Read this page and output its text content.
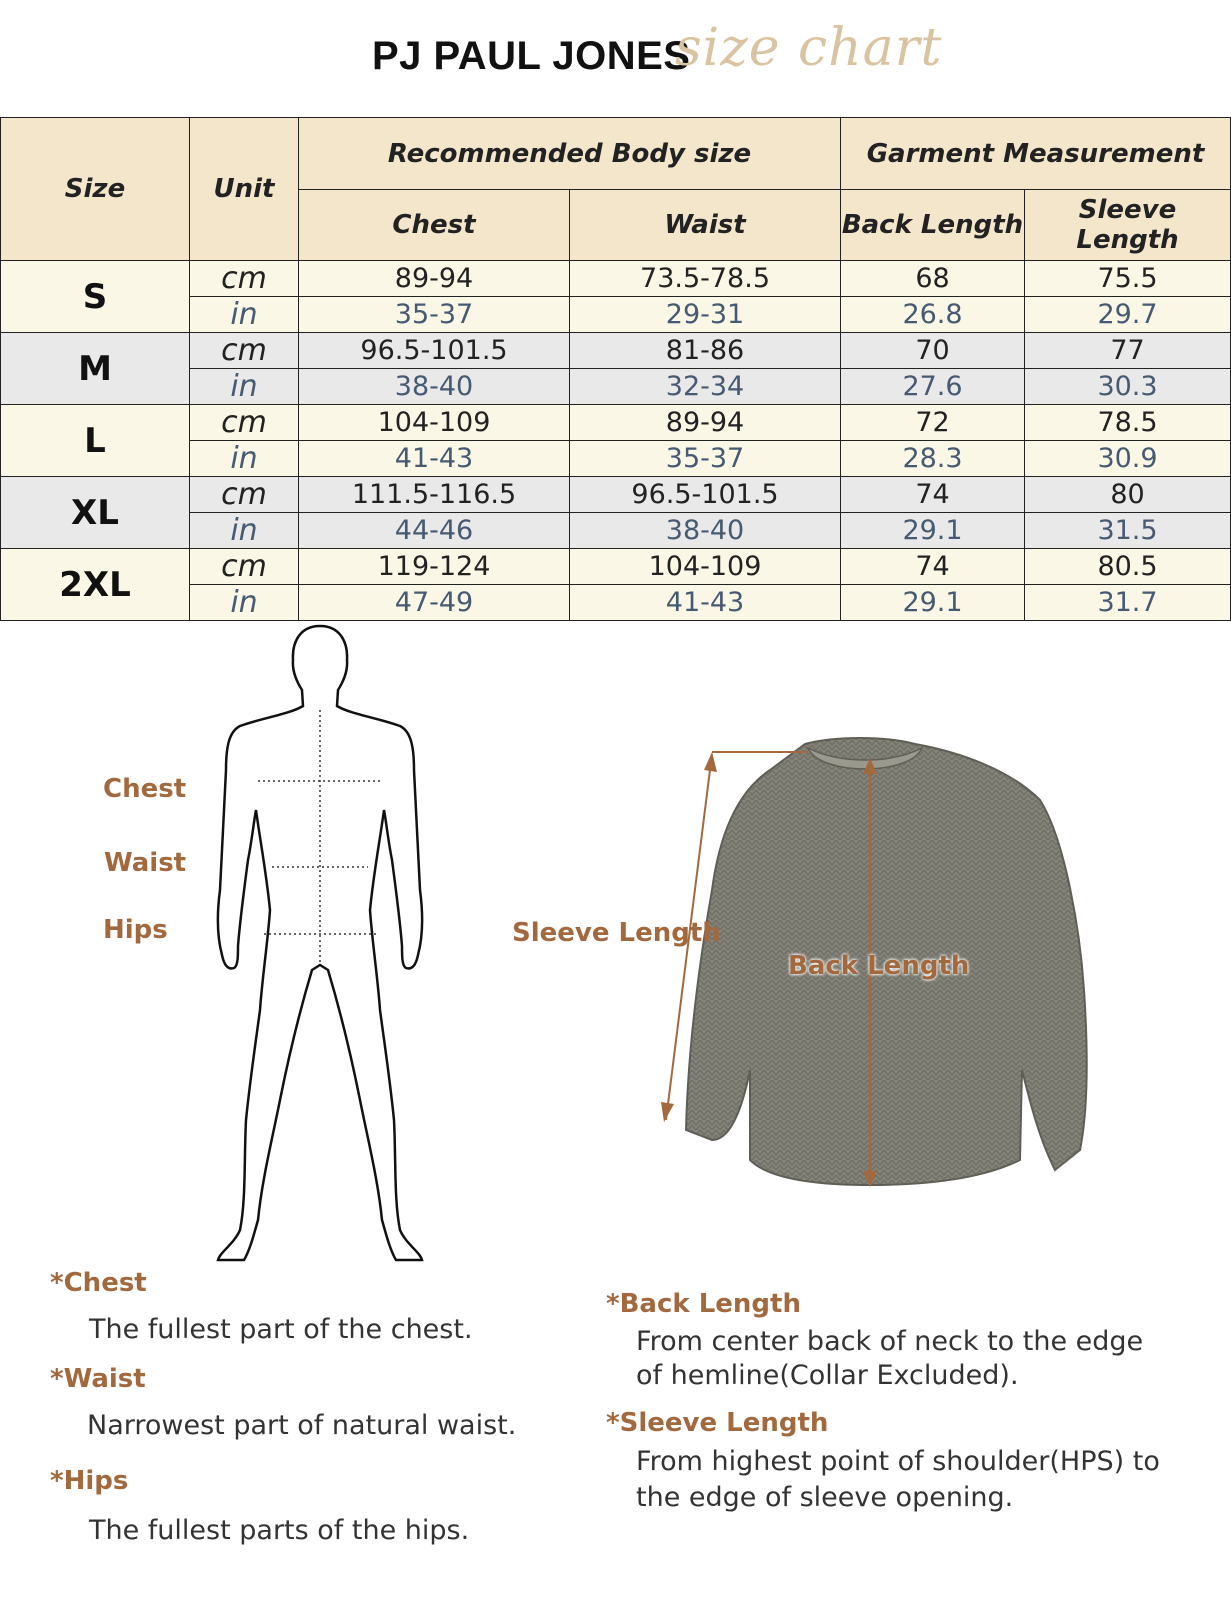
PJ PAUL JONES
size chart
Size	Unit	Recommended Body size		Garment Measurement	
		Chest	Waist	Back Length	Sleeve Length
S	cm	89-94	73.5-78.5	68	75.5
	in	35-37	29-31	26.8	29.7
M	cm	96.5-101.5	81-86	70	77
	in	38-40	32-34	27.6	30.3
L	cm	104-109	89-94	72	78.5
	in	41-43	35-37	28.3	30.9
XL	cm	111.5-116.5	96.5-101.5	74	80
	in	44-46	38-40	29.1	31.5
2XL	cm	119-124	104-109	74	80.5
	in	47-49	41-43	29.1	31.7
Chest
Waist
Hips	Sleeve Length
Back Length
*Chest
The fullest part of the chest.
*Waist
Narrowest part of natural waist.
*Hips
The fullest parts of the hips.
*Back Length
From center back of neck to the edge
of hemline(Collar Excluded).
*Sleeve Length
From highest point of shoulder(HPS) to
the edge of sleeve opening.
